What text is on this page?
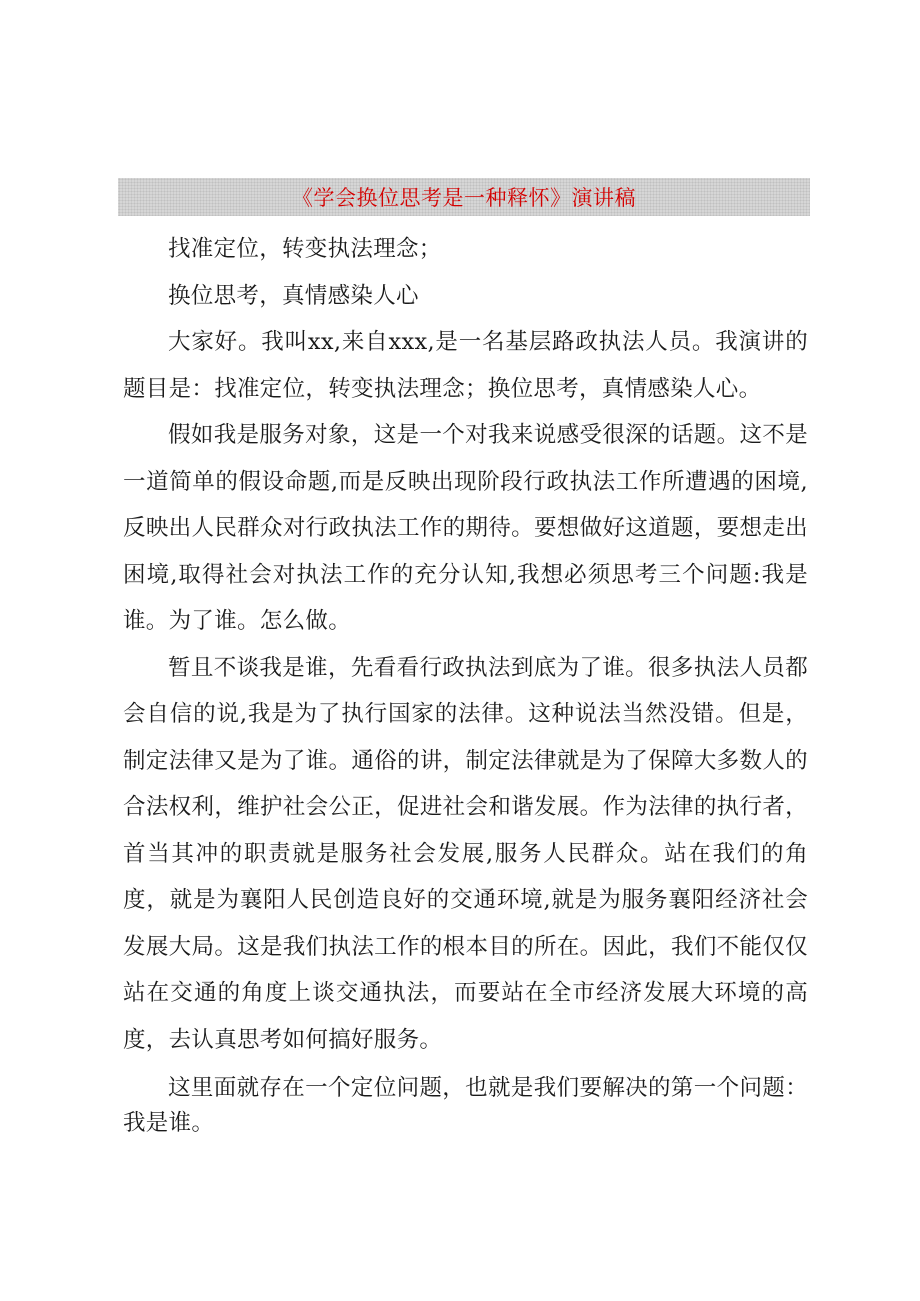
《学会换位思考是一种释怀》演讲稿

找准定位，转变执法理念；

换位思考，真情感染人心

大家好。我叫xx,来自xxx,是一名基层路政执法人员。我演讲的题目是：找准定位，转变执法理念；换位思考，真情感染人心。

假如我是服务对象，这是一个对我来说感受很深的话题。这不是一道简单的假设命题,而是反映出现阶段行政执法工作所遭遇的困境,反映出人民群众对行政执法工作的期待。要想做好这道题，要想走出困境,取得社会对执法工作的充分认知,我想必须思考三个问题:我是谁。为了谁。怎么做。

暂且不谈我是谁，先看看行政执法到底为了谁。很多执法人员都会自信的说,我是为了执行国家的法律。这种说法当然没错。但是，制定法律又是为了谁。通俗的讲，制定法律就是为了保障大多数人的合法权利，维护社会公正，促进社会和谐发展。作为法律的执行者，首当其冲的职责就是服务社会发展,服务人民群众。站在我们的角度，就是为襄阳人民创造良好的交通环境,就是为服务襄阳经济社会发展大局。这是我们执法工作的根本目的所在。因此，我们不能仅仅站在交通的角度上谈交通执法，而要站在全市经济发展大环境的高度，去认真思考如何搞好服务。

这里面就存在一个定位问题，也就是我们要解决的第一个问题：我是谁。
